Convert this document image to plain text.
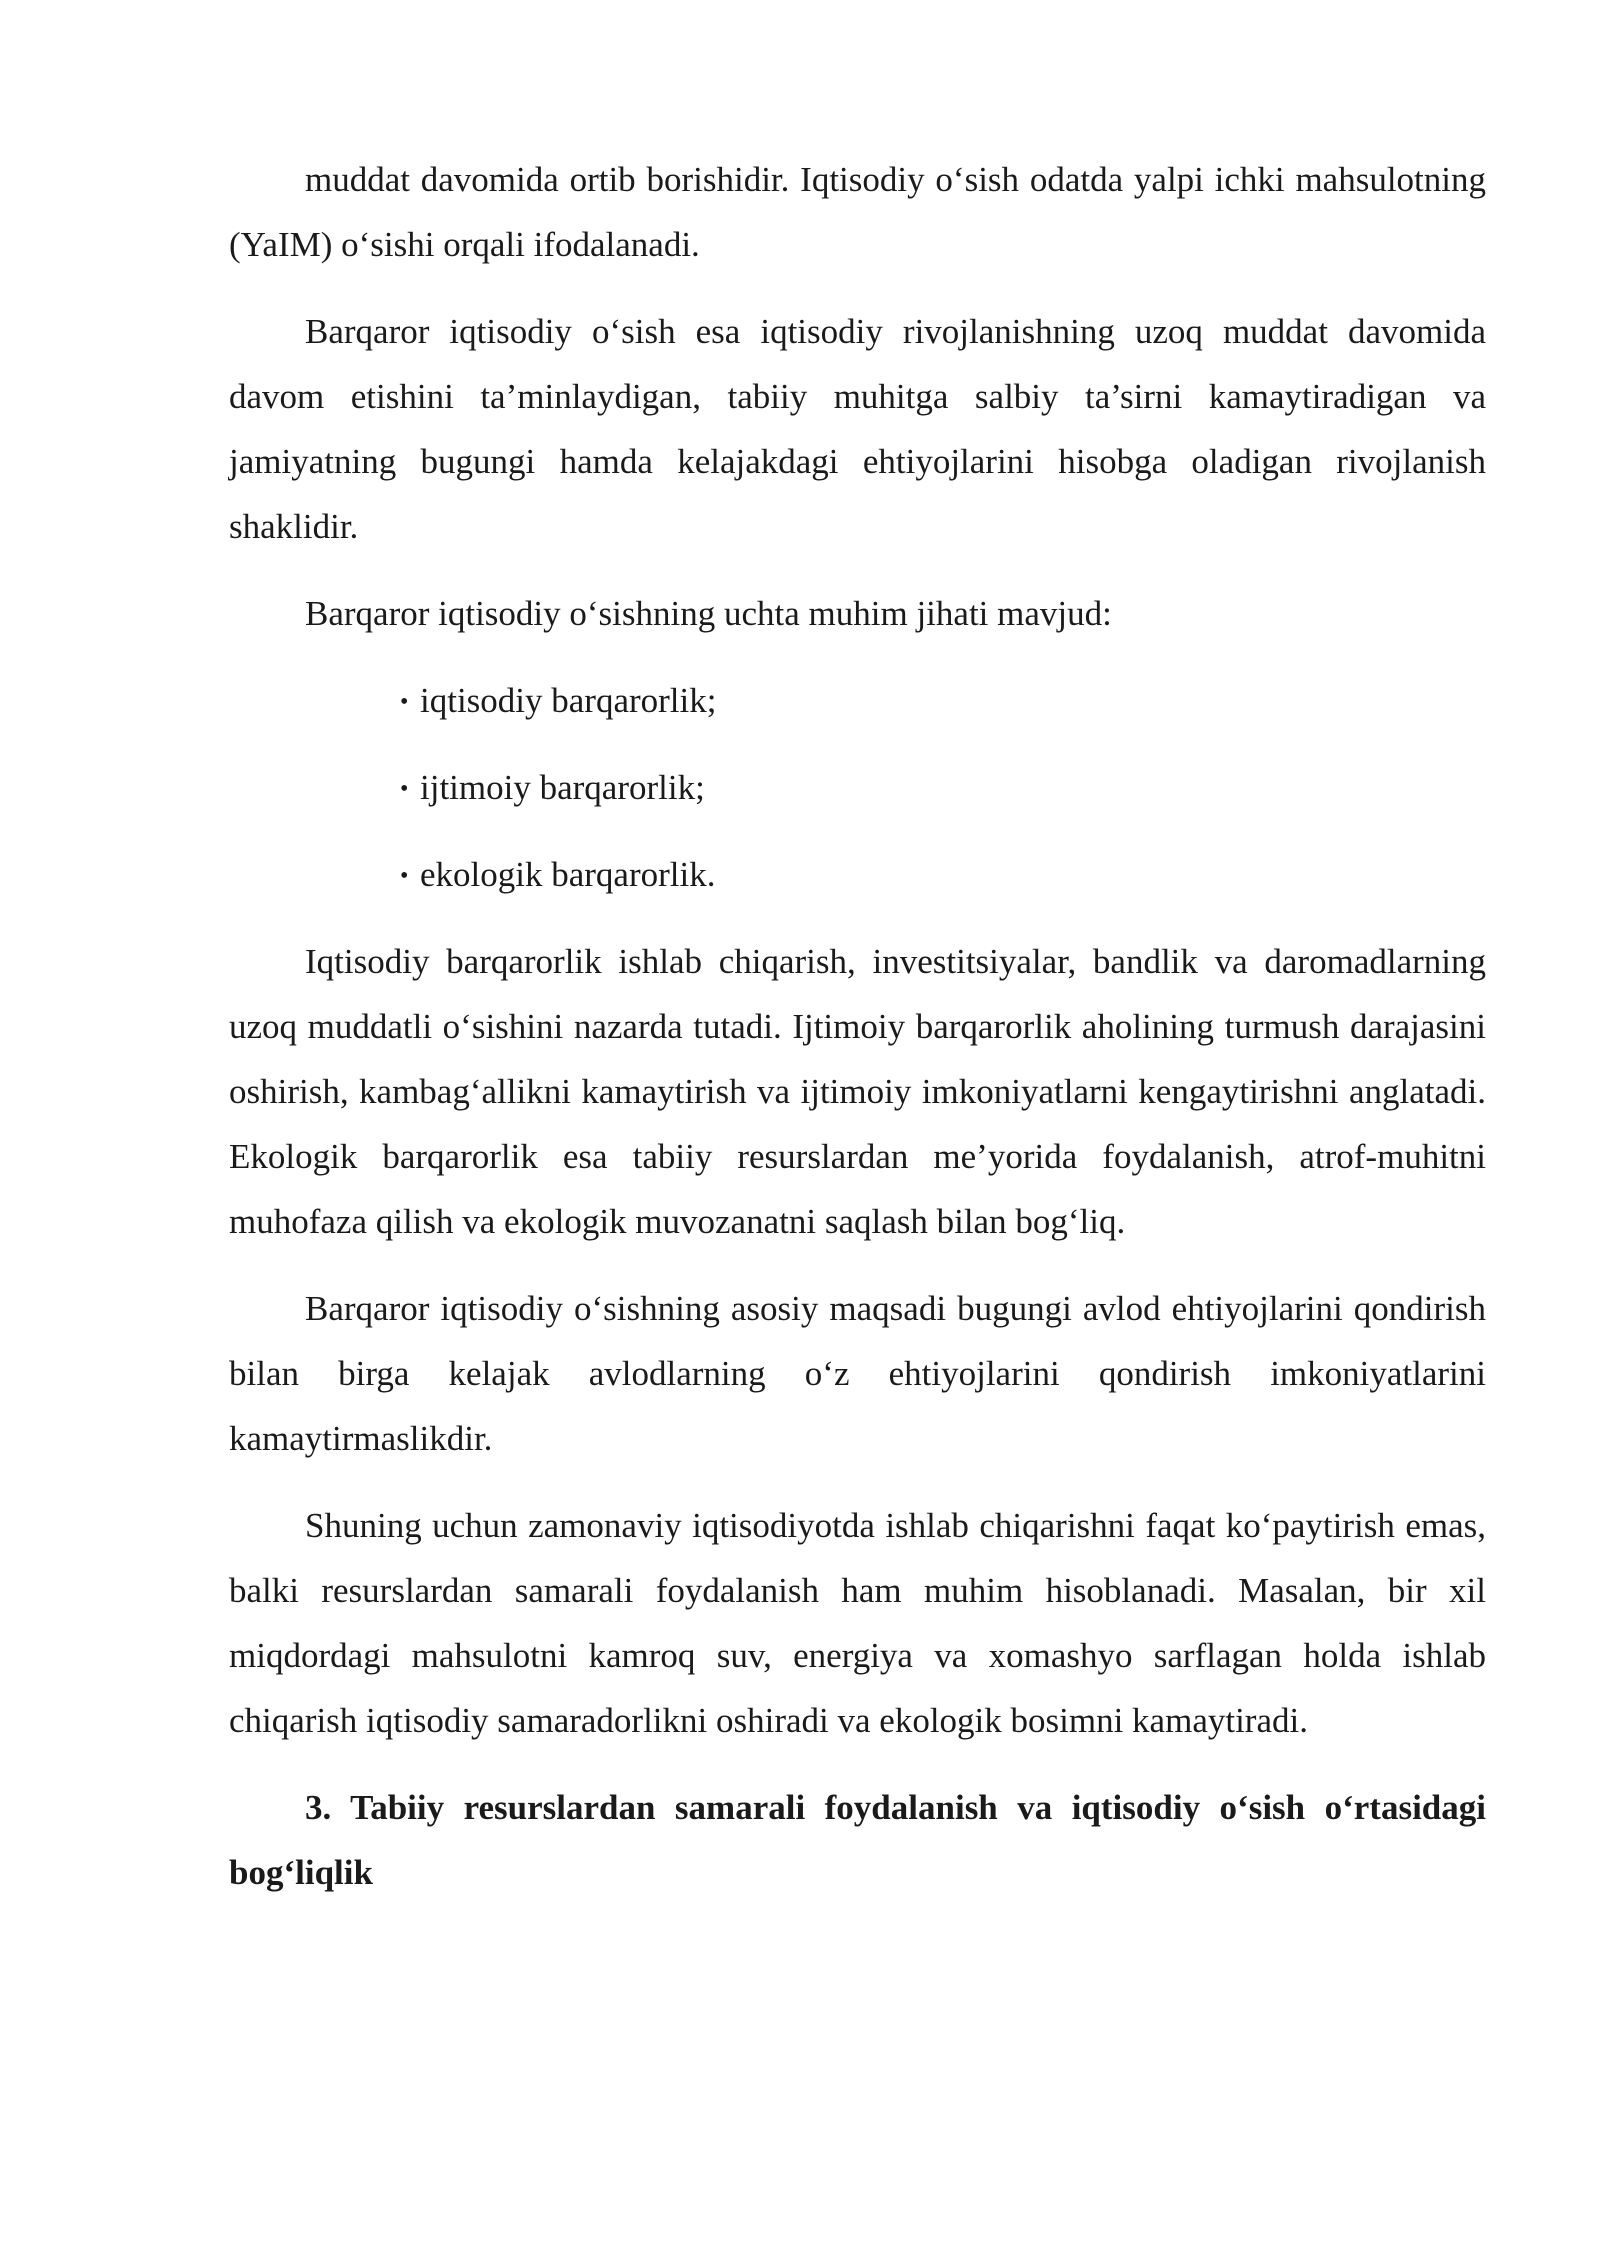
muddat davomida ortib borishidir. Iqtisodiy o‘sish odatda yalpi ichki mahsulotning (YaIM) o‘sishi orqali ifodalanadi.

Barqaror iqtisodiy o‘sish esa iqtisodiy rivojlanishning uzoq muddat davomida davom etishini ta’minlaydigan, tabiiy muhitga salbiy ta’sirni kamaytiradigan va jamiyatning bugungi hamda kelajakdagi ehtiyojlarini hisobga oladigan rivojlanish shaklidir.

Barqaror iqtisodiy o‘sishning uchta muhim jihati mavjud:

• iqtisodiy barqarorlik;
• ijtimoiy barqarorlik;
• ekologik barqarorlik.

Iqtisodiy barqarorlik ishlab chiqarish, investitsiyalar, bandlik va daromadlarning uzoq muddatli o‘sishini nazarda tutadi. Ijtimoiy barqarorlik aholining turmush darajasini oshirish, kambag‘allikni kamaytirish va ijtimoiy imkoniyatlarni kengaytirishni anglatadi. Ekologik barqarorlik esa tabiiy resurslardan me’yorida foydalanish, atrof-muhitni muhofaza qilish va ekologik muvozanatni saqlash bilan bog‘liq.

Barqaror iqtisodiy o‘sishning asosiy maqsadi bugungi avlod ehtiyojlarini qondirish bilan birga kelajak avlodlarning o‘z ehtiyojlarini qondirish imkoniyatlarini kamaytirmaslikdir.

Shuning uchun zamonaviy iqtisodiyotda ishlab chiqarishni faqat ko‘paytirish emas, balki resurslardan samarali foydalanish ham muhim hisoblanadi. Masalan, bir xil miqdordagi mahsulotni kamroq suv, energiya va xomashyo sarflagan holda ishlab chiqarish iqtisodiy samaradorlikni oshiradi va ekologik bosimni kamaytiradi.

3. Tabiiy resurslardan samarali foydalanish va iqtisodiy o‘sish o‘rtasidagi bog‘liqlik
